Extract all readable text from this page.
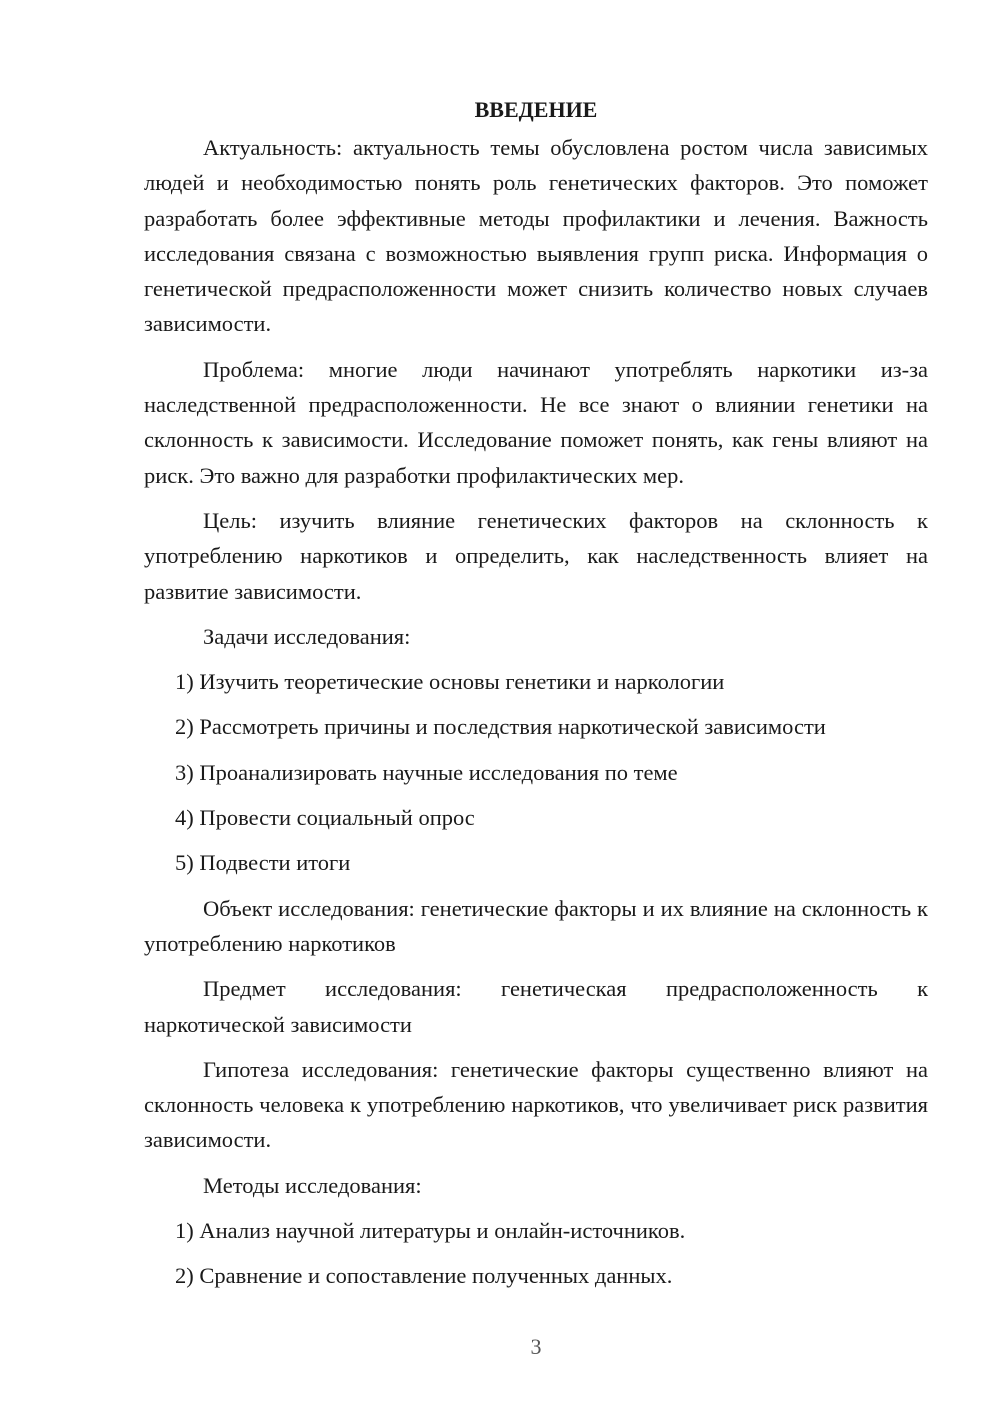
ВВЕДЕНИЕ

Актуальность: актуальность темы обусловлена ростом числа зависимых людей и необходимостью понять роль генетических факторов. Это поможет разработать более эффективные методы профилактики и лечения. Важность исследования связана с возможностью выявления групп риска. Информация о генетической предрасположенности может снизить количество новых случаев зависимости.

Проблема: многие люди начинают употреблять наркотики из-за наследственной предрасположенности. Не все знают о влиянии генетики на склонность к зависимости. Исследование поможет понять, как гены влияют на риск. Это важно для разработки профилактических мер.

Цель: изучить влияние генетических факторов на склонность к употреблению наркотиков и определить, как наследственность влияет на развитие зависимости.

Задачи исследования:

1) Изучить теоретические основы генетики и наркологии

2) Рассмотреть причины и последствия наркотической зависимости

3) Проанализировать научные исследования по теме

4) Провести социальный опрос

5) Подвести итоги

Объект исследования: генетические факторы и их влияние на склонность к употреблению наркотиков

Предмет исследования: генетическая предрасположенность к наркотической зависимости

Гипотеза исследования: генетические факторы существенно влияют на склонность человека к употреблению наркотиков, что увеличивает риск развития зависимости.

Методы исследования:

1) Анализ научной литературы и онлайн-источников.

2) Сравнение и сопоставление полученных данных.

3
